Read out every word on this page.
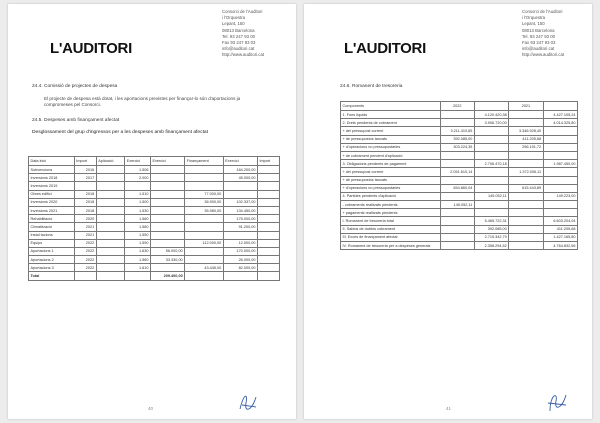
L'AUDITORI
Consorci de l'Auditori
i l'Orquestra
Lepant, 150
08013 Barcelona
Tel. 93 247 93 00
Fax 93 247 93 03
info@auditori.cat
http://www.auditori.cat
24.4. Comissió de projectes de despesa
El projecte de despesa està dotat, i les aportacions previstes per finançar-lo són d'aportacions ja compromeses pel Consorci.
24.5. Despeses amb finançament afectat
Desglossament del grup d'ingressos per a les despeses amb finançament afectat
Data inici	Import	Aplicació	Exercici	Exercici	Finançament	Exercici	Import
Subvencions	2016		1.506			164.200,00	
Inversions 2018	2017		2.000			45.000,00	
Inversions 2019							
Obres edifici	2018		1.510		77.000,00		
Inversions 2020	2018		1.500		36.900,00	102.337,00	
Inversions 2021	2018		1.530		35.980,00	134.450,00	
Rehabilitació	2020		1.560			175.000,00	
Climatització	2021		1.580			91.200,00	
Instal·lacions	2021		1.550				
Equips	2022		1.590		112.000,00	12.000,00	
Aportacions 1	2022		1.630	56.000,00		170.000,00	
Aportacions 2	2022		1.560	33.330,00		26.000,00	
Aportacions 3	2022		1.610		43.445,00	82.000,00	
Total				209.400,00			
40
L'AUDITORI
Consorci de l'Auditori
i l'Orquestra
Lepant, 150
08013 Barcelona
Tel. 93 247 93 00
Fax 93 247 93 03
info@auditori.cat
http://www.auditori.cat
24.6. Romanent de tresoreria
Components	2022		2021	
1. Fons líquids		4.120.420,38		4.427.105,24
2. Drets pendents de cobrament		3.906.720,00		4.014.325,80
+ del pressupost corrent	3.211.410,65		3.346.928,40	
+ de pressupostos tancats	392.085,00		411.205,68	
+ d'operacions no pressupostàries	303.224,35		256.191,72	
+ de cobrament pendent d'aplicació				
3. Obligacions pendents de pagament		2.706.470,18		1.987.450,00
+ del pressupost corrent	2.051.610,14		1.372.006,11	
+ de pressupostos tancats				
+ d'operacions no pressupostàries	654.860,04		615.443,89	
4. Partides pendents d'aplicació		145.052,11		149.223,00
- cobraments realitzats pendents	145.052,11			
+ pagaments realitzats pendents				
I. Romanent de tresoreria total		5.465.722,31		6.603.204,04
II. Saldos de dubtós cobrament		392.085,00		411.205,68
III. Excés de finançament afectat		2.715.342,79		1.427.165,80
IV. Romanent de tresoreria per a despeses generals		2.358.294,52		4.764.832,56
41
